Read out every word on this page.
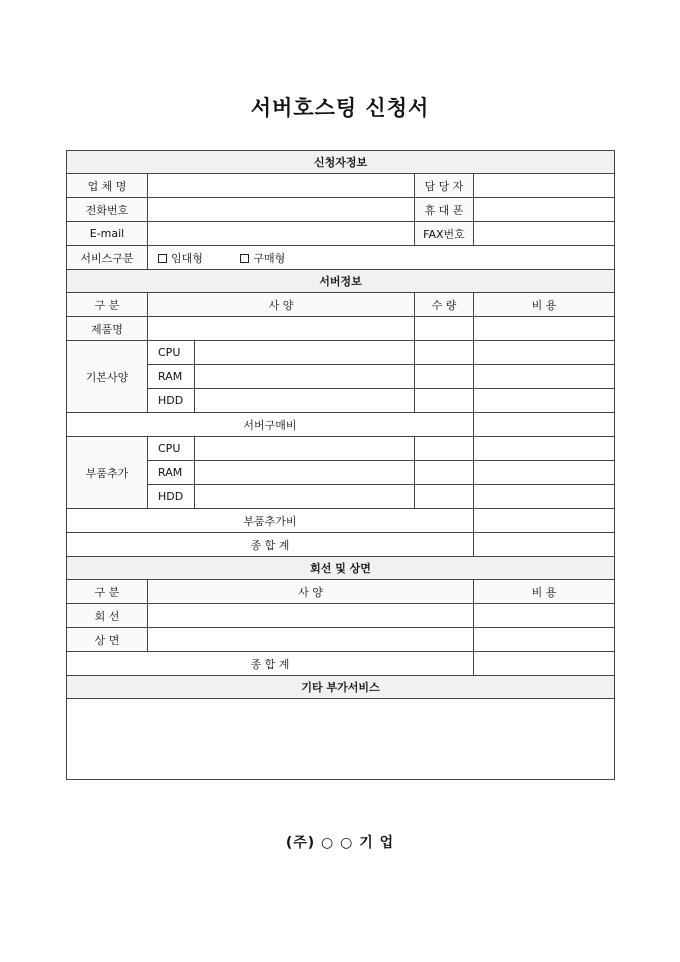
서버호스팅 신청서
신청자정보				
업 체 명			담 당 자	
전화번호			휴 대 폰	
E-mail			FAX번호	
서비스구분	임대형 구매형			
서버정보				
구 분	사 양		수 량	비 용
제품명				
기본사양	CPU			
	RAM			
	HDD			
서버구매비				
부품추가	CPU			
	RAM			
	HDD			
부품추가비				
종 합 계				
회선 및 상면				
구 분	사 양			비 용
회 선				
상 면				
종 합 계				
기타 부가서비스				

(주) ○ ○ 기 업
